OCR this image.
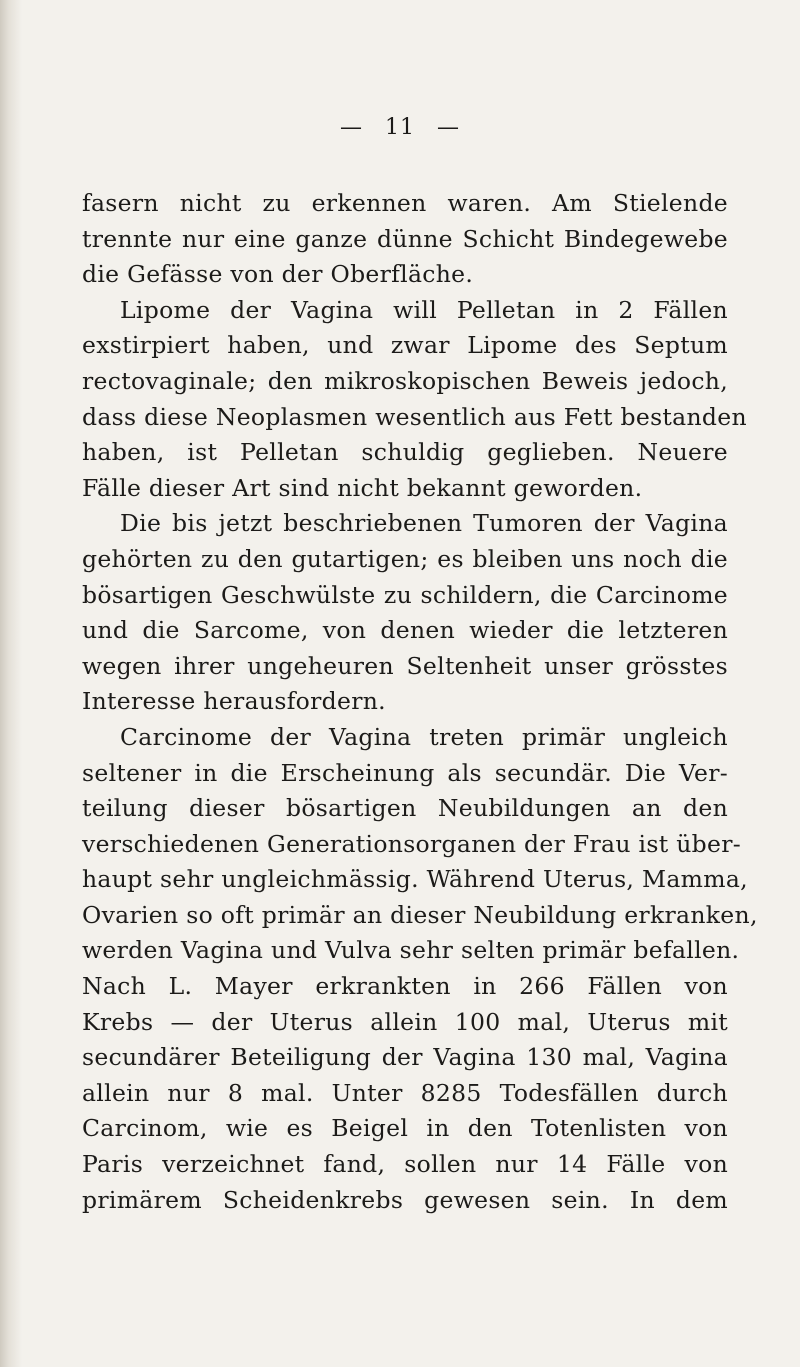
— 11 —
fasern nicht zu erkennen waren. Am Stielende
trennte nur eine ganze dünne Schicht Bindegewebe
die Gefässe von der Oberfläche.
Lipome der Vagina will Pelletan in 2 Fällen
exstirpiert haben, und zwar Lipome des Septum
rectovaginale; den mikroskopischen Beweis jedoch,
dass diese Neoplasmen wesentlich aus Fett bestanden
haben, ist Pelletan schuldig geglieben. Neuere
Fälle dieser Art sind nicht bekannt geworden.
Die bis jetzt beschriebenen Tumoren der Vagina
gehörten zu den gutartigen; es bleiben uns noch die
bösartigen Geschwülste zu schildern, die Carcinome
und die Sarcome, von denen wieder die letzteren
wegen ihrer ungeheuren Seltenheit unser grösstes
Interesse herausfordern.
Carcinome der Vagina treten primär ungleich
seltener in die Erscheinung als secundär. Die Ver-
teilung dieser bösartigen Neubildungen an den
verschiedenen Generationsorganen der Frau ist über-
haupt sehr ungleichmässig. Während Uterus, Mamma,
Ovarien so oft primär an dieser Neubildung erkranken,
werden Vagina und Vulva sehr selten primär befallen.
Nach L. Mayer erkrankten in 266 Fällen von
Krebs — der Uterus allein 100 mal, Uterus mit
secundärer Beteiligung der Vagina 130 mal, Vagina
allein nur 8 mal. Unter 8285 Todesfällen durch
Carcinom, wie es Beigel in den Totenlisten von
Paris verzeichnet fand, sollen nur 14 Fälle von
primärem Scheidenkrebs gewesen sein. In dem
